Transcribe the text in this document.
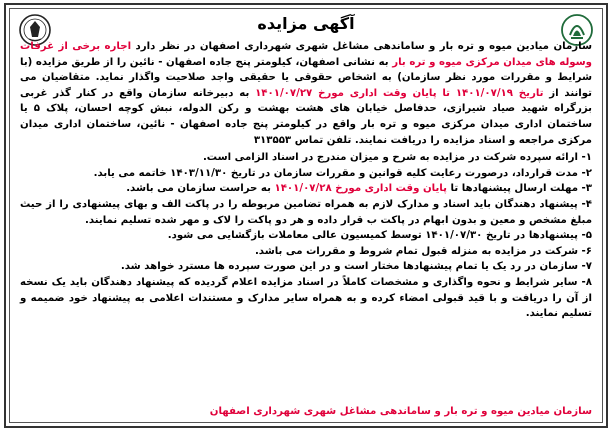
آگهی مزایده

سازمان میادین میوه و تره بار و ساماندهی مشاغل شهری شهرداری اصفهان در نظر دارد اجاره برخی از غرفات وسوله های میدان مرکزی میوه و تره بار به نشانی اصفهان، کیلومتر پنج جاده اصفهان - نائین را از طریق مزایده (با شرایط و مقررات مورد نظر سازمان) به اشخاص حقوقی یا حقیقی واجد صلاحیت واگذار نماید. متقاضیان می توانند از تاریخ ۱۴۰۱/۰۷/۱۹ تا پایان وقت اداری مورخ ۱۴۰۱/۰۷/۲۷ به دبیرخانه سازمان واقع در کنار گذر غربی بزرگراه شهید صیاد شیرازی، حدفاصل خیابان های هشت بهشت و رکن الدوله، نبش کوچه احسان، پلاک ۵ یا ساختمان اداری میدان مرکزی میوه و تره بار واقع در کیلومتر پنج جاده اصفهان - نائین، ساختمان اداری میدان مرکزی مراجعه و اسناد مزایده را دریافت نمایند. تلفن تماس ۳۱۳۵۵۳

۱- ارائه سپرده شرکت در مزایده به شرح و میزان مندرج در اسناد الزامی است.

۲- مدت قرارداد، درصورت رعایت کلیه قوانین و مقررات سازمان در تاریخ ۱۴۰۳/۱۱/۳۰ خاتمه می یابد.

۳- مهلت ارسال پیشنهادها تا پایان وقت اداری مورخ ۱۴۰۱/۰۷/۲۸ به حراست سازمان می باشد.

۴- پیشنهاد دهندگان باید اسناد و مدارک لازم به همراه تضامین مربوطه را در پاکت الف و بهای پیشنهادی را از حیث مبلغ مشخص و معین و بدون ابهام در پاکت ب قرار داده و هر دو پاکت را لاک و مهر شده تسلیم نمایند.

۵- پیشنهادها در تاریخ ۱۴۰۱/۰۷/۳۰ توسط کمیسیون عالی معاملات بازگشایی می شود.

۶- شرکت در مزایده به منزله قبول تمام شروط و مقررات می باشد.

۷- سازمان در رد یک یا تمام پیشنهادها مختار است و در این صورت سپرده ها مسترد خواهد شد.

۸- سایر شرایط و نحوه واگذاری و مشخصات کاملاً در اسناد مزایده اعلام گردیده که پیشنهاد دهندگان باید یک نسخه از آن را دریافت و با قید قبولی امضاء کرده و به همراه سایر مدارک و مستندات اعلامی به پیشنهاد خود ضمیمه و تسلیم نمایند.

سازمان میادین میوه و تره بار و ساماندهی مشاغل شهری شهرداری اصفهان
